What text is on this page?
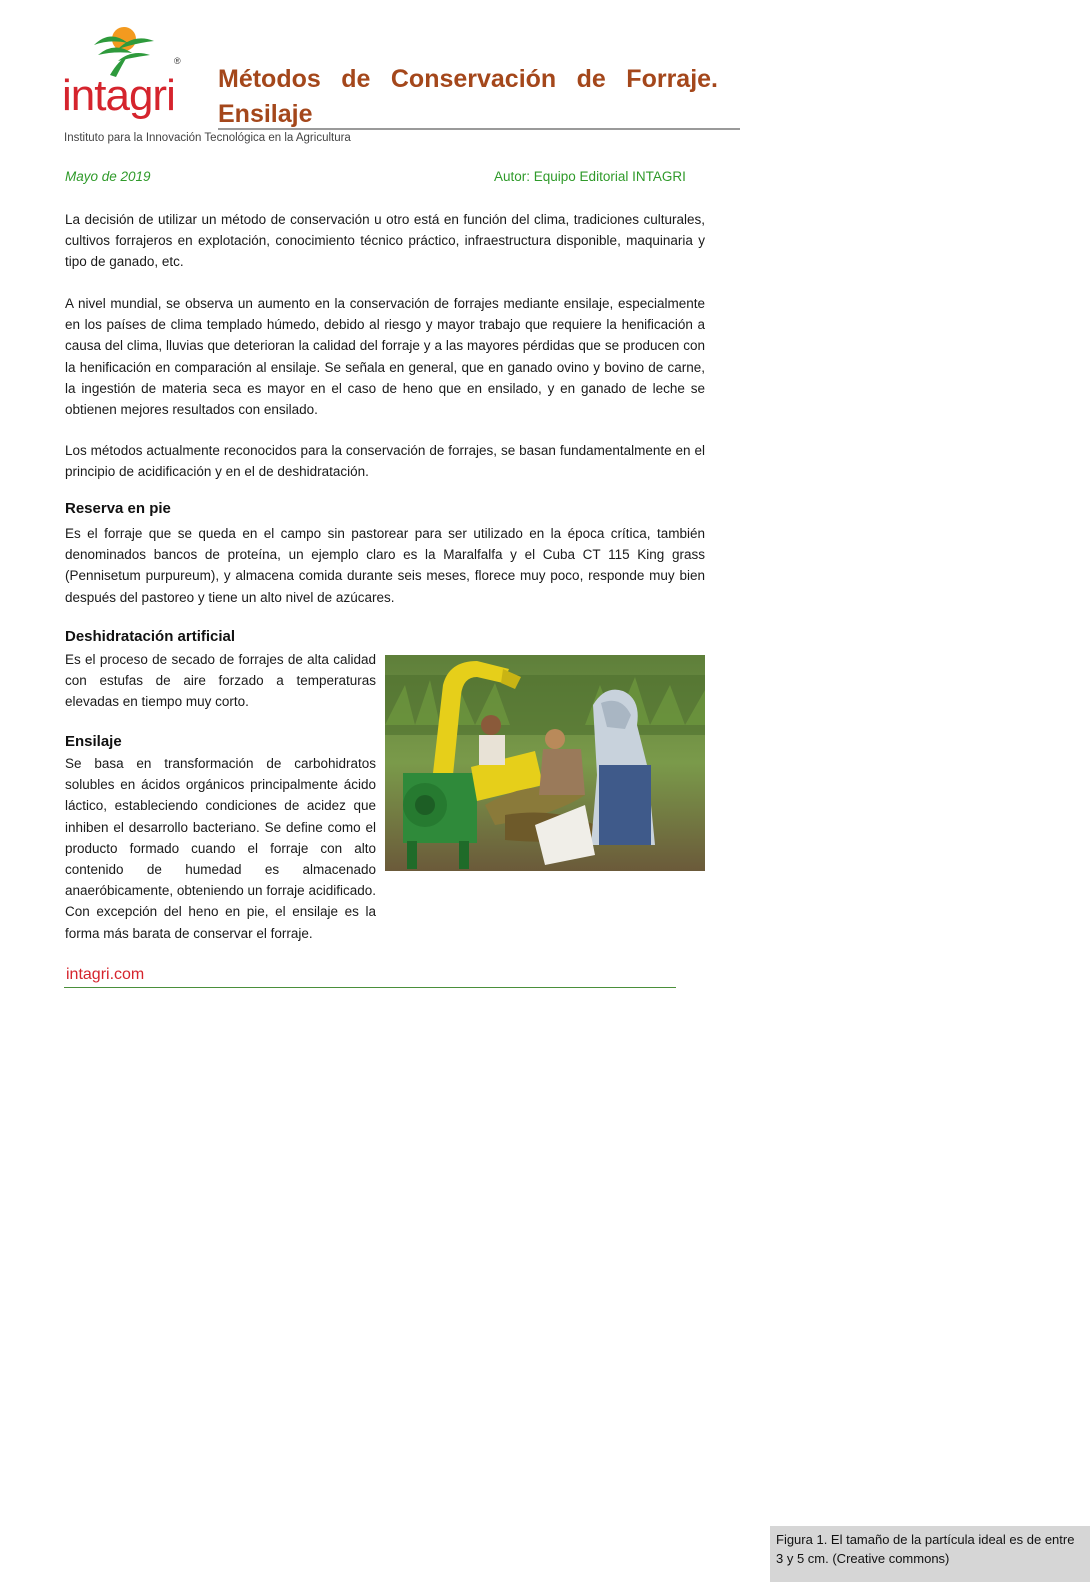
®
intagri Métodos de Conservación de Forraje.
Ensilaje
Instituto para la Innovación Tecnológica en la Agricultura
Mayo de 2019	Autor: Equipo Editorial INTAGRI

La decisión de utilizar un método de conservación u otro está en función del clima, tradiciones culturales, cultivos forrajeros en explotación, conocimiento técnico práctico, infraestructura disponible, maquinaria y tipo de ganado, etc.

A nivel mundial, se observa un aumento en la conservación de forrajes mediante ensilaje, especialmente en los países de clima templado húmedo, debido al riesgo y mayor trabajo que requiere la henificación a causa del clima, lluvias que deterioran la calidad del forraje y a las mayores pérdidas que se producen con la henificación en comparación al ensilaje. Se señala en general, que en ganado ovino y bovino de carne, la ingestión de materia seca es mayor en el caso de heno que en ensilado, y en ganado de leche se obtienen mejores resultados con ensilado.

Los métodos actualmente reconocidos para la conservación de forrajes, se basan fundamentalmente en el principio de acidificación y en el de deshidratación.

Reserva en pie

Es el forraje que se queda en el campo sin pastorear para ser utilizado en la época crítica, también denominados bancos de proteína, un ejemplo claro es la Maralfalfa y el Cuba CT 115 King grass (Pennisetum purpureum), y almacena comida durante seis meses, florece muy poco, responde muy bien después del pastoreo y tiene un alto nivel de azúcares.

Deshidratación artificial

Es el proceso de secado de forrajes de alta calidad con estufas de aire forzado a temperaturas elevadas en tiempo muy corto.

Ensilaje

Se basa en transformación de carbohidratos solubles en ácidos orgánicos principalmente ácido láctico, estableciendo condiciones de acidez que inhiben el desarrollo bacteriano. Se define como el producto formado cuando el forraje con alto contenido de humedad es almacenado anaeróbicamente, obteniendo un forraje acidificado. Con excepción del heno en pie, el ensilaje es la forma más barata de conservar el forraje.

Figura 1. El tamaño de la partícula ideal es de entre 3 y 5 cm. (Creative commons)
intagri.com
